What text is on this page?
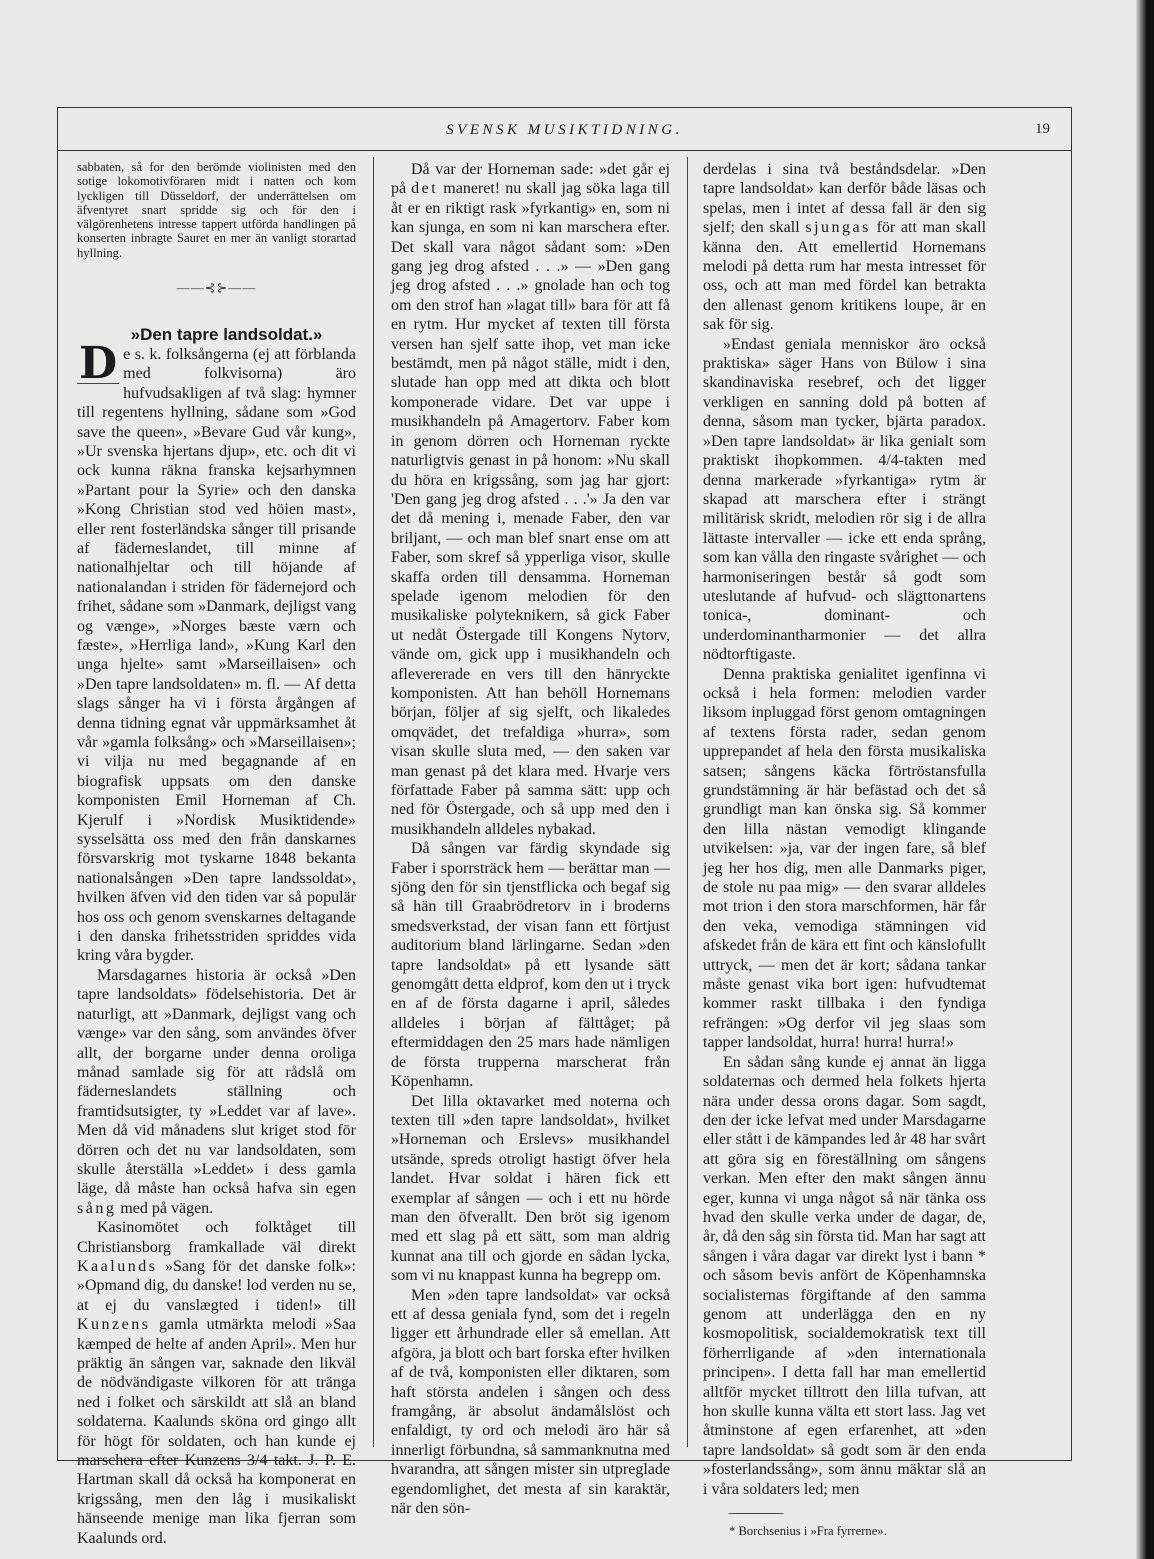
SVENSK MUSIKTIDNING.	19

sabbaten, så for den berömde violinisten med den sotige lokomotivföraren midt i natten och kom lyckligen till Düsseldorf, der underrättelsen om äfventyret snart spridde sig och för den i välgörenhetens intresse tappert utförda handlingen på konserten inbragte Sauret en mer än vanligt storartad hyllning.

——⊰⊱——

»Den tapre landsoldat.»

D e s. k. folksångerna (ej att förblanda med folkvisorna) äro hufvudsakligen af två slag: hymner till regentens hyllning, sådane som »God save the queen», »Bevare Gud vår kung», »Ur svenska hjertans djup», etc. och dit vi ock kunna räkna franska kejsarhymnen »Partant pour la Syrie» och den danska »Kong Christian stod ved höien mast», eller rent fosterländska sånger till prisande af fäderneslandet, till minne af nationalhjeltar och till höjande af nationalandan i striden för fädernejord och frihet, sådane som »Danmark, dejligst vang og vænge», »Norges bæste værn och fæste», »Herrliga land», »Kung Karl den unga hjelte» samt »Marseillaisen» och »Den tapre landsoldaten» m. fl. — Af detta slags sånger ha vi i första årgången af denna tidning egnat vår uppmärksamhet åt vår »gamla folksång» och »Marseillaisen»; vi vilja nu med begagnande af en biografisk uppsats om den danske komponisten Emil Horneman af Ch. Kjerulf i »Nordisk Musiktidende» sysselsätta oss med den från danskarnes försvarskrig mot tyskarne 1848 bekanta nationalsången »Den tapre landssoldat», hvilken äfven vid den tiden var så populär hos oss och genom svenskarnes deltagande i den danska frihetsstriden spriddes vida kring våra bygder.

Marsdagarnes historia är också »Den tapre landsoldats» födelsehistoria. Det är naturligt, att »Danmark, dejligst vang och vænge» var den sång, som användes öfver allt, der borgarne under denna oroliga månad samlade sig för att rådslå om fäderneslandets ställning och framtidsutsigter, ty »Leddet var af lave». Men då vid månadens slut kriget stod för dörren och det nu var landsoldaten, som skulle återställa »Leddet» i dess gamla läge, då måste han också hafva sin egen sång med på vägen.

Kasinomötet och folktåget till Christiansborg framkallade väl direkt Kaalunds »Sang för det danske folk»: »Opmand dig, du danske! lod verden nu se, at ej du vanslægted i tiden!» till Kunzens gamla utmärkta melodi »Saa kæmped de helte af anden April». Men hur präktig än sången var, saknade den likväl de nödvändigaste vilkoren för att tränga ned i folket och särskildt att slå an bland soldaterna. Kaalunds sköna ord gingo allt för högt för soldaten, och han kunde ej marschera efter Kunzens 3/4 takt. J. P. E. Hartman skall då också ha komponerat en krigssång, men den låg i musikaliskt hänseende menige man lika fjerran som Kaalunds ord.

Då var der Horneman sade: »det går ej på det maneret! nu skall jag söka laga till åt er en riktigt rask »fyrkantig» en, som ni kan sjunga, en som ni kan marschera efter. Det skall vara något sådant som: »Den gang jeg drog afsted . . .» — »Den gang jeg drog afsted . . .» gnolade han och tog om den strof han »lagat till» bara för att få en rytm. Hur mycket af texten till första versen han sjelf satte ihop, vet man icke bestämdt, men på något ställe, midt i den, slutade han opp med att dikta och blott komponerade vidare. Det var uppe i musikhandeln på Amagertorv. Faber kom in genom dörren och Horneman ryckte naturligtvis genast in på honom: »Nu skall du höra en krigssång, som jag har gjort: 'Den gang jeg drog afsted . . .'» Ja den var det då mening i, menade Faber, den var briljant, — och man blef snart ense om att Faber, som skref så ypperliga visor, skulle skaffa orden till densamma. Horneman spelade igenom melodien för den musikaliske polyteknikern, så gick Faber ut nedåt Östergade till Kongens Nytorv, vände om, gick upp i musikhandeln och aflevererade en vers till den hänryckte komponisten. Att han behöll Hornemans början, följer af sig sjelft, och likaledes omqvädet, det trefaldiga »hurra», som visan skulle sluta med, — den saken var man genast på det klara med. Hvarje vers författade Faber på samma sätt: upp och ned för Östergade, och så upp med den i musikhandeln alldeles nybakad.

Då sången var färdig skyndade sig Faber i sporrsträck hem — berättar man — sjöng den för sin tjenstflicka och begaf sig så hän till Graabrödretorv in i broderns smedsverkstad, der visan fann ett förtjust auditorium bland lärlingarne. Sedan »den tapre landsoldat» på ett lysande sätt genomgått detta eldprof, kom den ut i tryck en af de första dagarne i april, således alldeles i början af fälttåget; på eftermiddagen den 25 mars hade nämligen de första trupperna marscherat från Köpenhamn.

Det lilla oktavarket med noterna och texten till »den tapre landsoldat», hvilket »Horneman och Erslevs» musikhandel utsände, spreds otroligt hastigt öfver hela landet. Hvar soldat i hären fick ett exemplar af sången — och i ett nu hörde man den öfverallt. Den bröt sig igenom med ett slag på ett sätt, som man aldrig kunnat ana till och gjorde en sådan lycka, som vi nu knappast kunna ha begrepp om.

Men »den tapre landsoldat» var också ett af dessa geniala fynd, som det i regeln ligger ett århundrade eller så emellan. Att afgöra, ja blott och bart forska efter hvilken af de två, komponisten eller diktaren, som haft största andelen i sången och dess framgång, är absolut ändamålslöst och enfaldigt, ty ord och melodi äro här så innerligt förbundna, så sammanknutna med hvarandra, att sången mister sin utpreglade egendomlighet, det mesta af sin karaktär, när den sön-

derdelas i sina två beståndsdelar. »Den tapre landsoldat» kan derför både läsas och spelas, men i intet af dessa fall är den sig sjelf; den skall sjungas för att man skall känna den. Att emellertid Hornemans melodi på detta rum har mesta intresset för oss, och att man med fördel kan betrakta den allenast genom kritikens loupe, är en sak för sig.

»Endast geniala menniskor äro också praktiska» säger Hans von Bülow i sina skandinaviska resebref, och det ligger verkligen en sanning dold på botten af denna, såsom man tycker, bjärta paradox. »Den tapre landsoldat» är lika genialt som praktiskt ihopkommen. 4/4-takten med denna markerade »fyrkantiga» rytm är skapad att marschera efter i strängt militärisk skridt, melodien rör sig i de allra lättaste intervaller — icke ett enda språng, som kan vålla den ringaste svårighet — och harmoniseringen består så godt som uteslutande af hufvud- och slägttonartens tonica-, dominant- och underdominantharmonier — det allra nödtorftigaste.

Denna praktiska genialitet igenfinna vi också i hela formen: melodien varder liksom inpluggad först genom omtagningen af textens första rader, sedan genom upprepandet af hela den första musikaliska satsen; sångens käcka förtröstansfulla grundstämning är här befästad och det så grundligt man kan önska sig. Så kommer den lilla nästan vemodigt klingande utvikelsen: »ja, var der ingen fare, så blef jeg her hos dig, men alle Danmarks piger, de stole nu paa mig» — den svarar alldeles mot trion i den stora marschformen, här får den veka, vemodiga stämningen vid afskedet från de kära ett fint och känslofullt uttryck, — men det är kort; sådana tankar måste genast vika bort igen: hufvudtemat kommer raskt tillbaka i den fyndiga refrängen: »Og derfor vil jeg slaas som tapper landsoldat, hurra! hurra! hurra!»

En sådan sång kunde ej annat än ligga soldaternas och dermed hela folkets hjerta nära under dessa orons dagar. Som sagdt, den der icke lefvat med under Marsdagarne eller stått i de kämpandes led år 48 har svårt att göra sig en föreställning om sångens verkan. Men efter den makt sången ännu eger, kunna vi unga något så när tänka oss hvad den skulle verka under de dagar, de, år, då den såg sin första tid. Man har sagt att sången i våra dagar var direkt lyst i bann * och såsom bevis anfört de Köpenhamnska socialisternas förgiftande af den samma genom att underlägga den en ny kosmopolitisk, socialdemokratisk text till förherrligande af »den internationala principen». I detta fall har man emellertid alltför mycket tilltrott den lilla tufvan, att hon skulle kunna välta ett stort lass. Jag vet åtminstone af egen erfarenhet, att »den tapre landsoldat» så godt som är den enda »fosterlandssång», som ännu mäktar slå an i våra soldaters led; men

* Borchsenius i »Fra fyrrerne».
